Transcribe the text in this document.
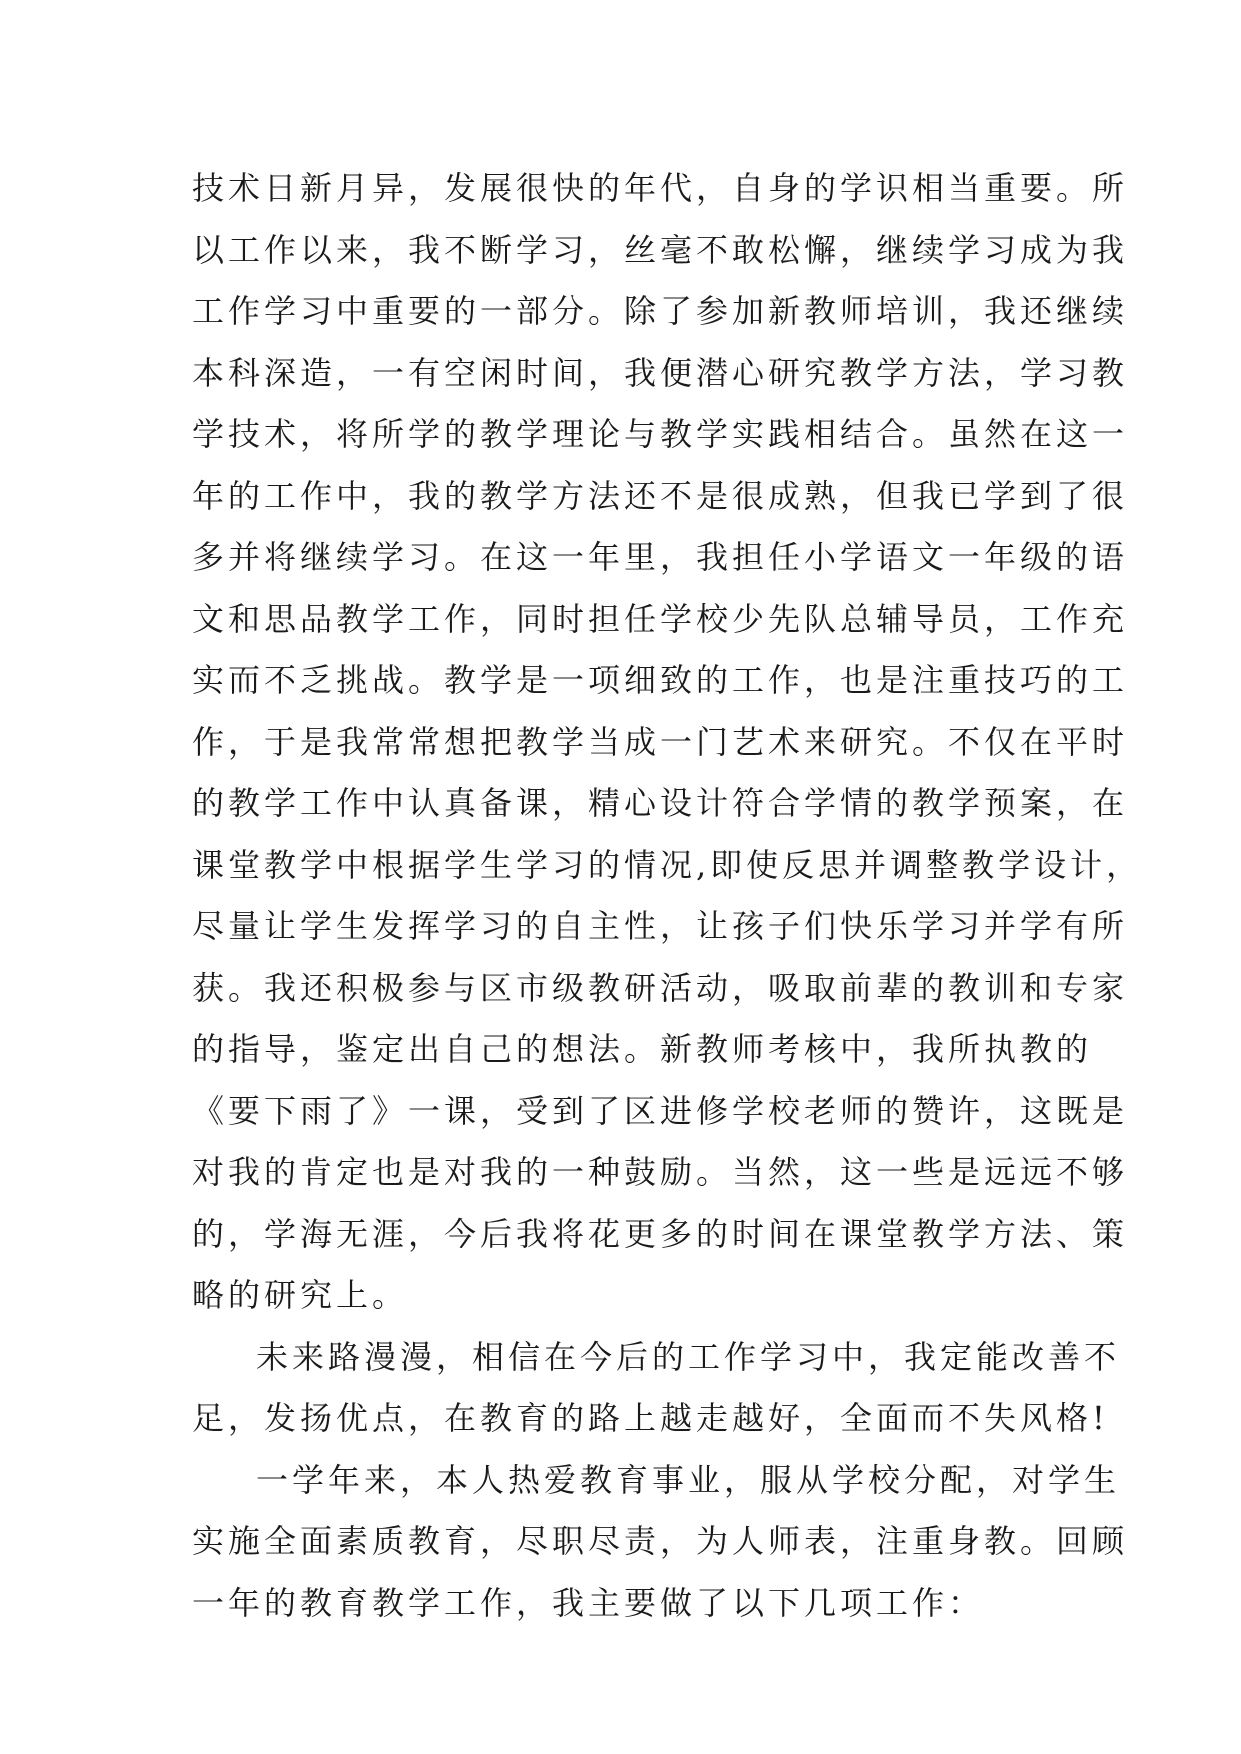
技术日新月异，发展很快的年代，自身的学识相当重要。所
以工作以来，我不断学习，丝毫不敢松懈，继续学习成为我
工作学习中重要的一部分。除了参加新教师培训，我还继续
本科深造，一有空闲时间，我便潜心研究教学方法，学习教
学技术，将所学的教学理论与教学实践相结合。虽然在这一
年的工作中，我的教学方法还不是很成熟，但我已学到了很
多并将继续学习。在这一年里，我担任小学语文一年级的语
文和思品教学工作，同时担任学校少先队总辅导员，工作充
实而不乏挑战。教学是一项细致的工作，也是注重技巧的工
作，于是我常常想把教学当成一门艺术来研究。不仅在平时
的教学工作中认真备课，精心设计符合学情的教学预案，在
课堂教学中根据学生学习的情况,即使反思并调整教学设计，
尽量让学生发挥学习的自主性，让孩子们快乐学习并学有所
获。我还积极参与区市级教研活动，吸取前辈的教训和专家
的指导，鉴定出自己的想法。新教师考核中，我所执教的
《要下雨了》一课，受到了区进修学校老师的赞许，这既是
对我的肯定也是对我的一种鼓励。当然，这一些是远远不够
的，学海无涯，今后我将花更多的时间在课堂教学方法、策
略的研究上。
未来路漫漫，相信在今后的工作学习中，我定能改善不
足，发扬优点，在教育的路上越走越好，全面而不失风格!
一学年来，本人热爱教育事业，服从学校分配，对学生
实施全面素质教育，尽职尽责，为人师表，注重身教。回顾
一年的教育教学工作，我主要做了以下几项工作：
